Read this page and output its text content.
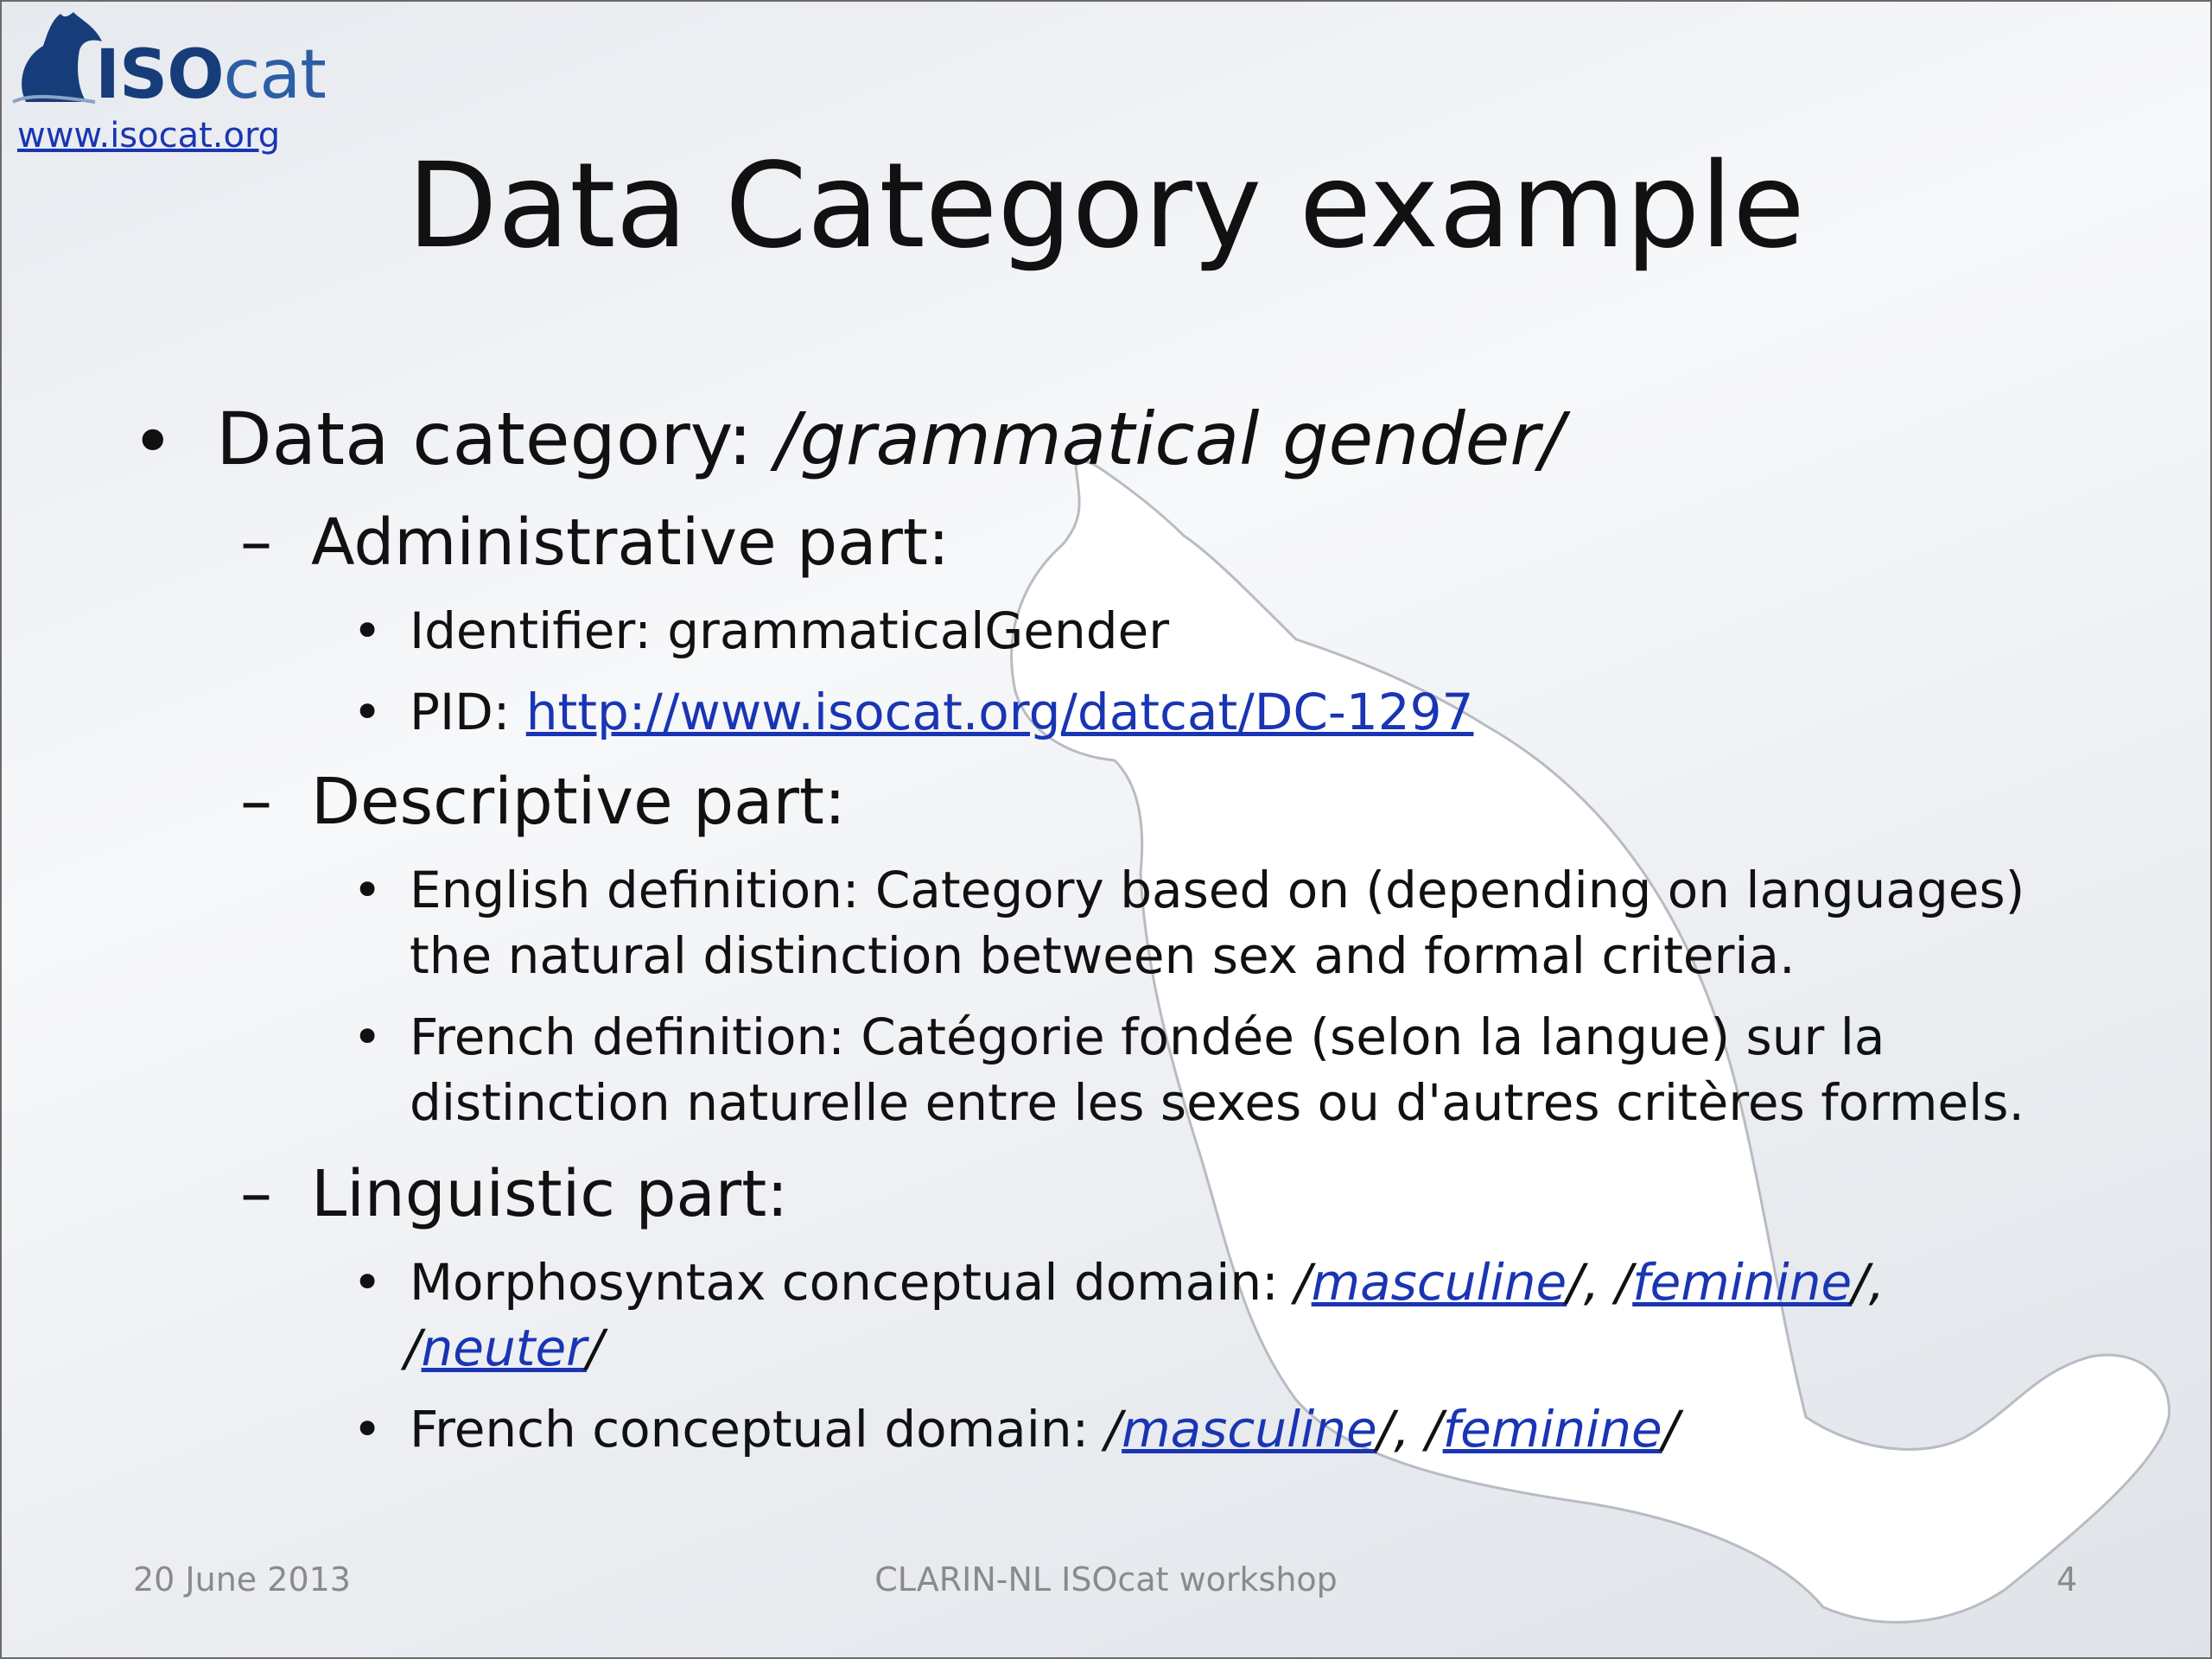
ISOcat
www.isocat.org
Data Category example
• Data category: /grammatical gender/
– Administrative part:
• Identifier: grammaticalGender
• PID: http://www.isocat.org/datcat/DC-1297
– Descriptive part:
• English definition: Category based on (depending on languages)
the natural distinction between sex and formal criteria.
• French definition: Catégorie fondée (selon la langue) sur la
distinction naturelle entre les sexes ou d'autres critères formels.
– Linguistic part:
• Morphosyntax conceptual domain: /masculine/, /feminine/,
/neuter/
• French conceptual domain: /masculine/, /feminine/
20 June 2013	CLARIN-NL ISOcat workshop	4
